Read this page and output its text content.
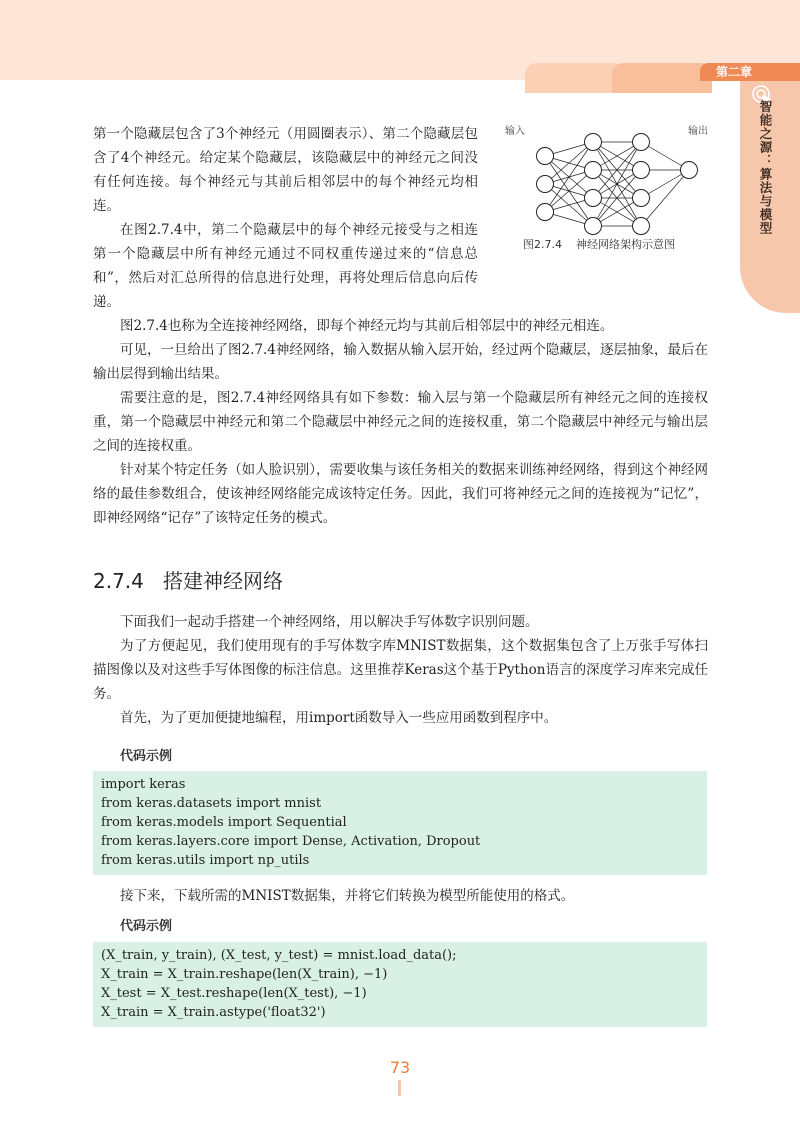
第二章
智能之源：算法与模型

第一个隐藏层包含了3个神经元（用圆圈表示）、第二个隐藏层包含了4个神经元。给定某个隐藏层，该隐藏层中的神经元之间没有任何连接。每个神经元与其前后相邻层中的每个神经元均相连。

在图2.7.4中，第二个隐藏层中的每个神经元接受与之相连第一个隐藏层中所有神经元通过不同权重传递过来的“信息总和”，然后对汇总所得的信息进行处理，再将处理后信息向后传递。

输入	输出
图2.7.4    神经网络架构示意图

图2.7.4也称为全连接神经网络，即每个神经元均与其前后相邻层中的神经元相连。

可见，一旦给出了图2.7.4神经网络，输入数据从输入层开始，经过两个隐藏层，逐层抽象，最后在输出层得到输出结果。

需要注意的是，图2.7.4神经网络具有如下参数：输入层与第一个隐藏层所有神经元之间的连接权重，第一个隐藏层中神经元和第二个隐藏层中神经元之间的连接权重，第二个隐藏层中神经元与输出层之间的连接权重。

针对某个特定任务（如人脸识别），需要收集与该任务相关的数据来训练神经网络，得到这个神经网络的最佳参数组合，使该神经网络能完成该特定任务。因此，我们可将神经元之间的连接视为“记忆”，即神经网络“记存”了该特定任务的模式。

2.7.4   搭建神经网络

下面我们一起动手搭建一个神经网络，用以解决手写体数字识别问题。

为了方便起见，我们使用现有的手写体数字库MNIST数据集，这个数据集包含了上万张手写体扫描图像以及对这些手写体图像的标注信息。这里推荐Keras这个基于Python语言的深度学习库来完成任务。

首先，为了更加便捷地编程，用import函数导入一些应用函数到程序中。

代码示例
import keras
from keras.datasets import mnist
from keras.models import Sequential
from keras.layers.core import Dense, Activation, Dropout
from keras.utils import np_utils

接下来，下载所需的MNIST数据集，并将它们转换为模型所能使用的格式。

代码示例
(X_train, y_train), (X_test, y_test) = mnist.load_data();
X_train = X_train.reshape(len(X_train), −1)
X_test = X_test.reshape(len(X_test), −1)
X_train = X_train.astype('float32')
73
